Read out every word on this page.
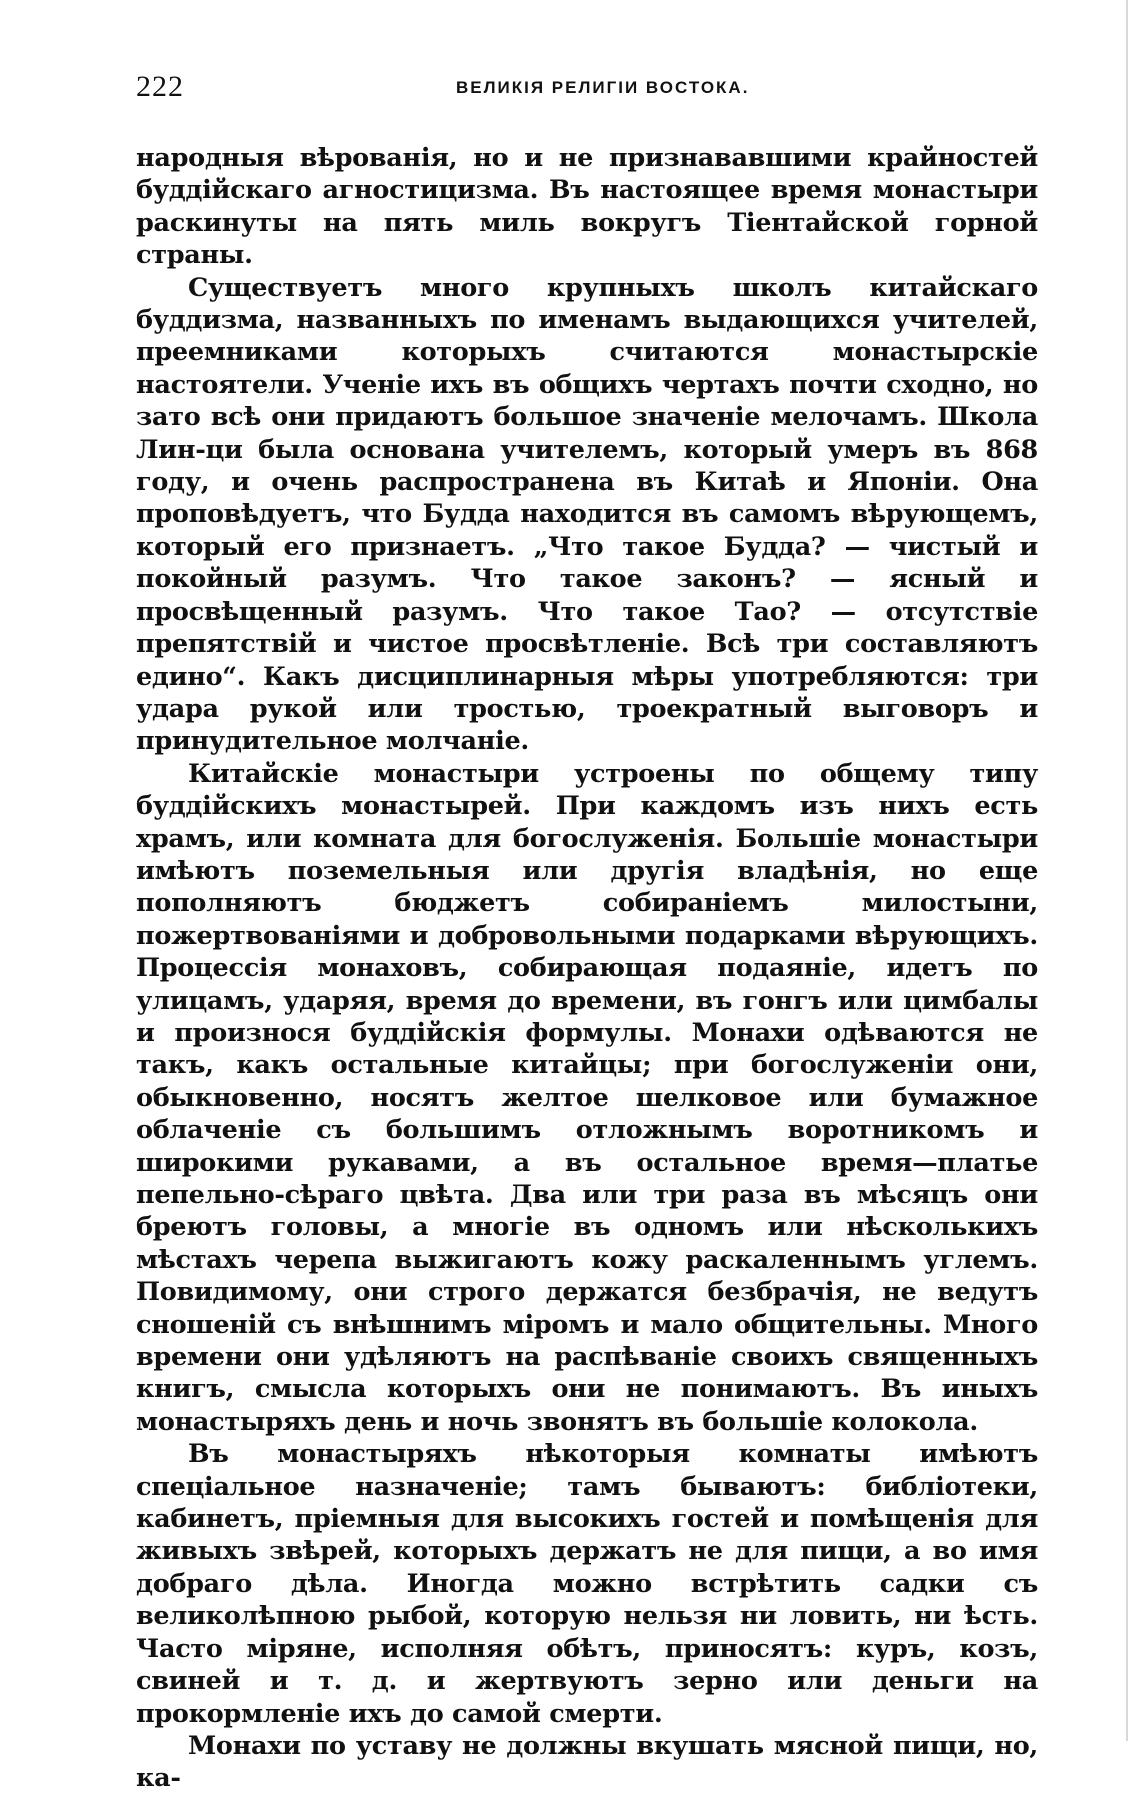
222	ВЕЛИКІЯ РЕЛИГІИ ВОСТОКА.

народныя вѣрованія, но и не признававшими крайностей буддійскаго агностицизма. Въ настоящее время монастыри раскинуты на пять миль вокругъ Тіентайской горной страны.

Существуетъ много крупныхъ школъ китайскаго буддизма, названныхъ по именамъ выдающихся учителей, преемниками которыхъ считаются монастырскіе настоятели. Ученіе ихъ въ общихъ чертахъ почти сходно, но зато всѣ они придаютъ большое значеніе мелочамъ. Школа Лин-ци была основана учителемъ, который умеръ въ 868 году, и очень распространена въ Китаѣ и Японіи. Она проповѣдуетъ, что Будда находится въ самомъ вѣрующемъ, который его признаетъ. „Что такое Будда? — чистый и покойный разумъ. Что такое законъ? — ясный и просвѣщенный разумъ. Что такое Тао? — отсутствіе препятствій и чистое просвѣтленіе. Всѣ три составляютъ едино“. Какъ дисциплинарныя мѣры употребляются: три удара рукой или тростью, троекратный выговоръ и принудительное молчаніе.

Китайскіе монастыри устроены по общему типу буддійскихъ монастырей. При каждомъ изъ нихъ есть храмъ, или комната для богослуженія. Большіе монастыри имѣютъ поземельныя или другія владѣнія, но еще пополняютъ бюджетъ собираніемъ милостыни, пожертвованіями и добровольными подарками вѣрующихъ. Процессія монаховъ, собирающая подаяніе, идетъ по улицамъ, ударяя, время до времени, въ гонгъ или цимбалы и произнося буддійскія формулы. Монахи одѣваются не такъ, какъ остальные китайцы; при богослуженіи они, обыкновенно, носятъ желтое шелковое или бумажное облаченіе съ большимъ отложнымъ воротникомъ и широкими рукавами, а въ остальное время—платье пепельно-сѣраго цвѣта. Два или три раза въ мѣсяцъ они бреютъ головы, а многіе въ одномъ или нѣсколькихъ мѣстахъ черепа выжигаютъ кожу раскаленнымъ углемъ. Повидимому, они строго держатся безбрачія, не ведутъ сношеній съ внѣшнимъ міромъ и мало общительны. Много времени они удѣляютъ на распѣваніе своихъ священныхъ книгъ, смысла которыхъ они не понимаютъ. Въ иныхъ монастыряхъ день и ночь звонятъ въ большіе колокола.

Въ монастыряхъ нѣкоторыя комнаты имѣютъ спеціальное назначеніе; тамъ бываютъ: библіотеки, кабинетъ, пріемныя для высокихъ гостей и помѣщенія для живыхъ звѣрей, которыхъ держатъ не для пищи, а во имя добраго дѣла. Иногда можно встрѣтить садки съ великолѣпною рыбой, которую нельзя ни ловить, ни ѣсть. Часто міряне, исполняя обѣтъ, приносятъ: куръ, козъ, свиней и т. д. и жертвуютъ зерно или деньги на прокормленіе ихъ до самой смерти.

Монахи по уставу не должны вкушать мясной пищи, но, ка-
